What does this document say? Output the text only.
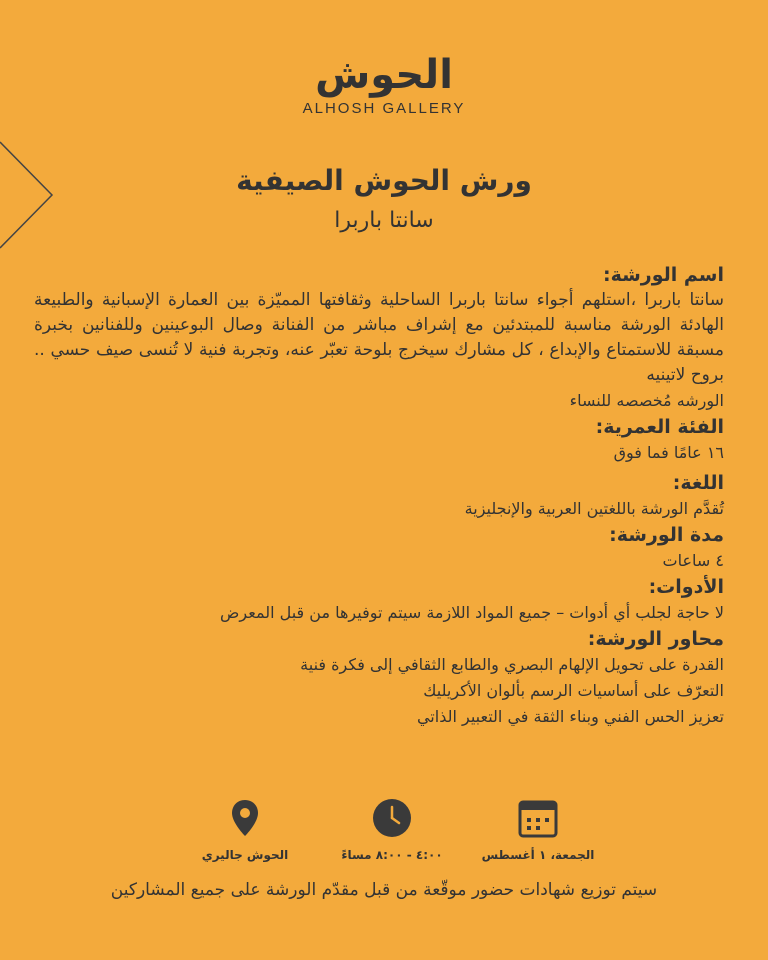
الحوش
ALHOSH GALLERY
ورش الحوش الصيفية
سانتا باربرا
اسم الورشة:
سانتا باربرا ،استلهم أجواء سانتا باربرا الساحلية وثقافتها المميّزة بين العمارة الإسبانية والطبيعة الهادئة الورشة مناسبة للمبتدئين مع إشراف مباشر من الفنانة وصال البوعينين وللفنانين بخبرة مسبقة للاستمتاع والإبداع ، كل مشارك سيخرج بلوحة تعبّر عنه، وتجربة فنية لا تُنسى صيف حسي .. بروح لاتينيه
الورشه مُخصصه للنساء
الفئة العمرية:
١٦ عامًا فما فوق
اللغة:
تُقدَّم الورشة باللغتين العربية والإنجليزية
مدة الورشة:
٤ ساعات
الأدوات:
لا حاجة لجلب أي أدوات – جميع المواد اللازمة سيتم توفيرها من قبل المعرض
محاور الورشة:
القدرة على تحويل الإلهام البصري والطابع الثقافي إلى فكرة فنية
التعرّف على أساسيات الرسم بألوان الأكريليك
تعزيز الحس الفني وبناء الثقة في التعبير الذاتي
الحوش جاليري	٤:٠٠ - ٨:٠٠ مساءً	الجمعة، ١ أغسطس
سيتم توزيع شهادات حضور موقّعة من قبل مقدّم الورشة على جميع المشاركين
